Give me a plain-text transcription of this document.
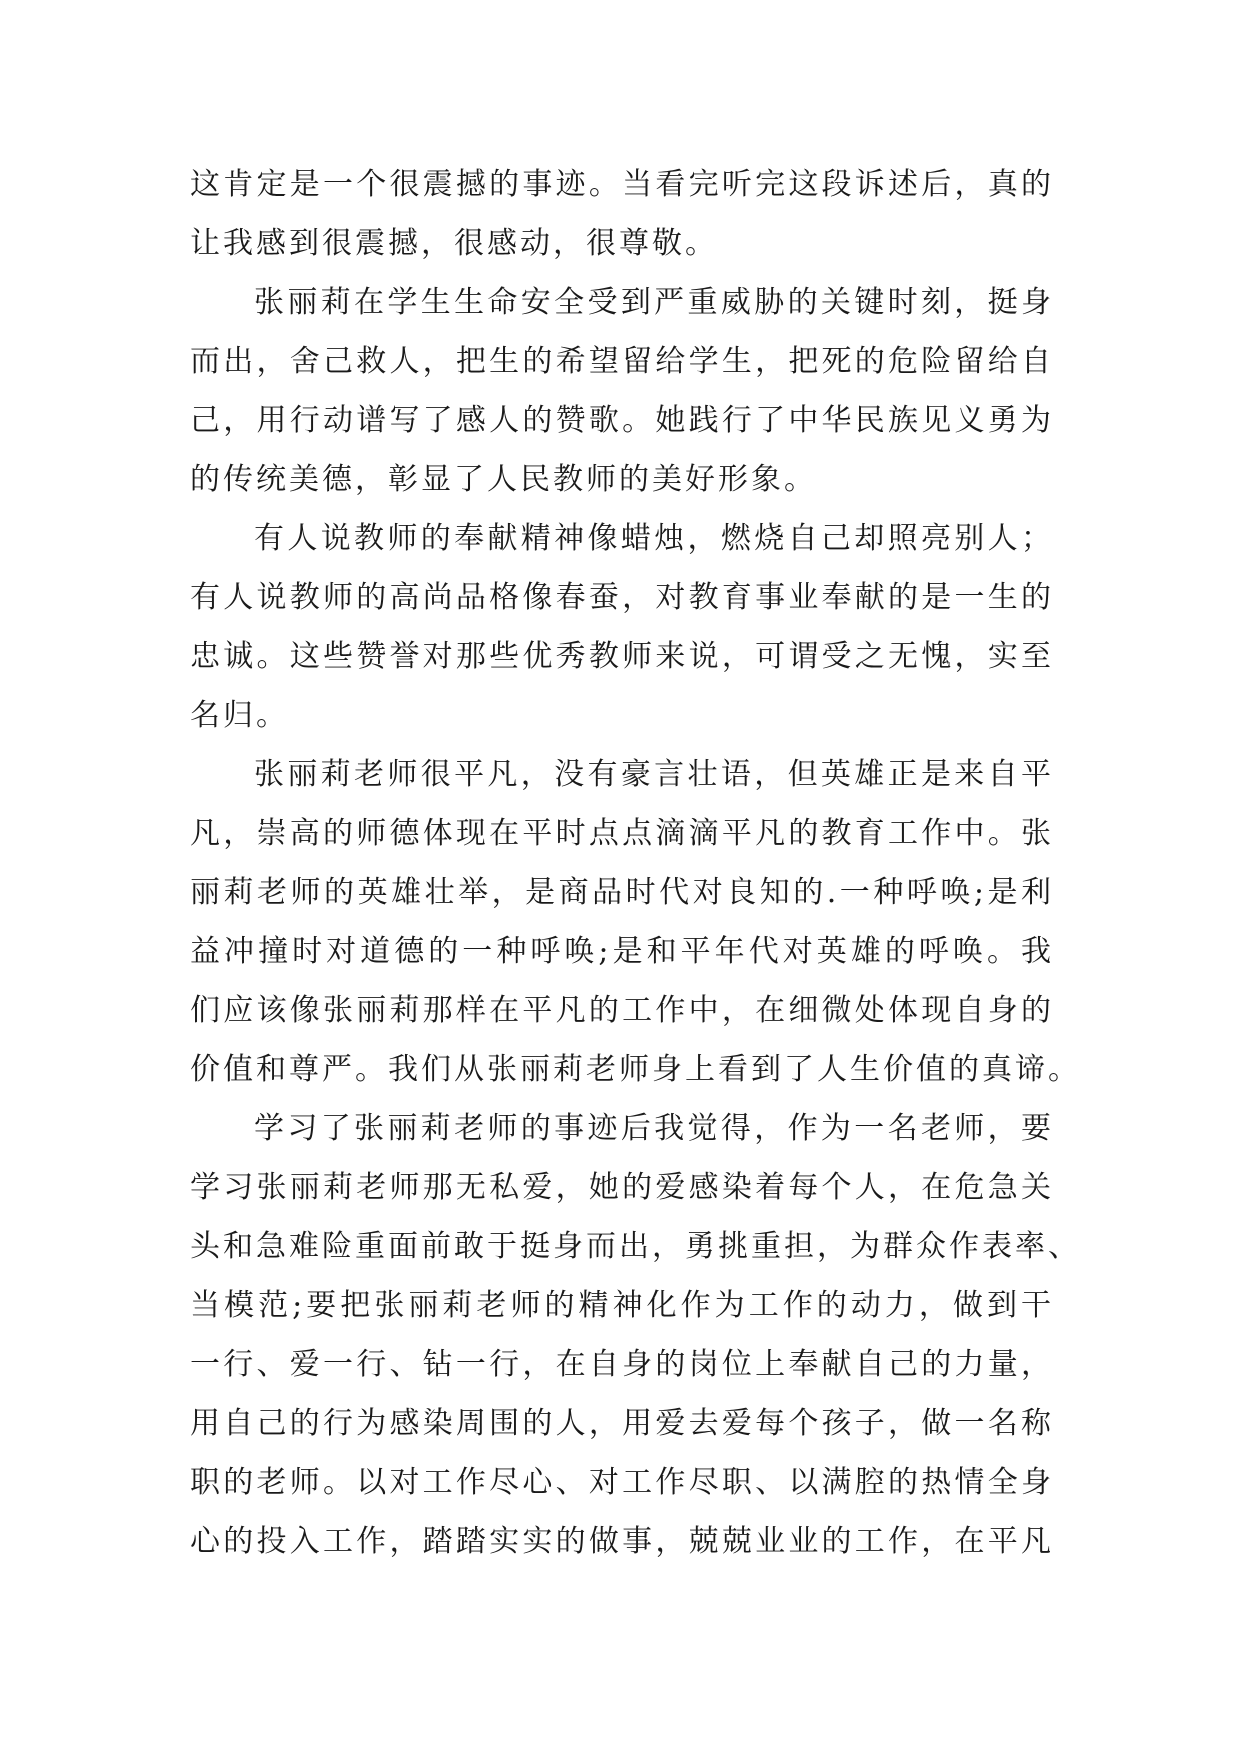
这肯定是一个很震撼的事迹。当看完听完这段诉述后，真的
让我感到很震撼，很感动，很尊敬。
张丽莉在学生生命安全受到严重威胁的关键时刻，挺身
而出，舍己救人，把生的希望留给学生，把死的危险留给自
己，用行动谱写了感人的赞歌。她践行了中华民族见义勇为
的传统美德，彰显了人民教师的美好形象。
有人说教师的奉献精神像蜡烛，燃烧自己却照亮别人；
有人说教师的高尚品格像春蚕，对教育事业奉献的是一生的
忠诚。这些赞誉对那些优秀教师来说，可谓受之无愧，实至
名归。
张丽莉老师很平凡，没有豪言壮语，但英雄正是来自平
凡，崇高的师德体现在平时点点滴滴平凡的教育工作中。张
丽莉老师的英雄壮举，是商品时代对良知的.一种呼唤;是利
益冲撞时对道德的一种呼唤;是和平年代对英雄的呼唤。我
们应该像张丽莉那样在平凡的工作中，在细微处体现自身的
价值和尊严。我们从张丽莉老师身上看到了人生价值的真谛。
学习了张丽莉老师的事迹后我觉得，作为一名老师，要
学习张丽莉老师那无私爱，她的爱感染着每个人，在危急关
头和急难险重面前敢于挺身而出，勇挑重担，为群众作表率、
当模范;要把张丽莉老师的精神化作为工作的动力，做到干
一行、爱一行、钻一行，在自身的岗位上奉献自己的力量，
用自己的行为感染周围的人，用爱去爱每个孩子，做一名称
职的老师。以对工作尽心、对工作尽职、以满腔的热情全身
心的投入工作，踏踏实实的做事，兢兢业业的工作，在平凡
